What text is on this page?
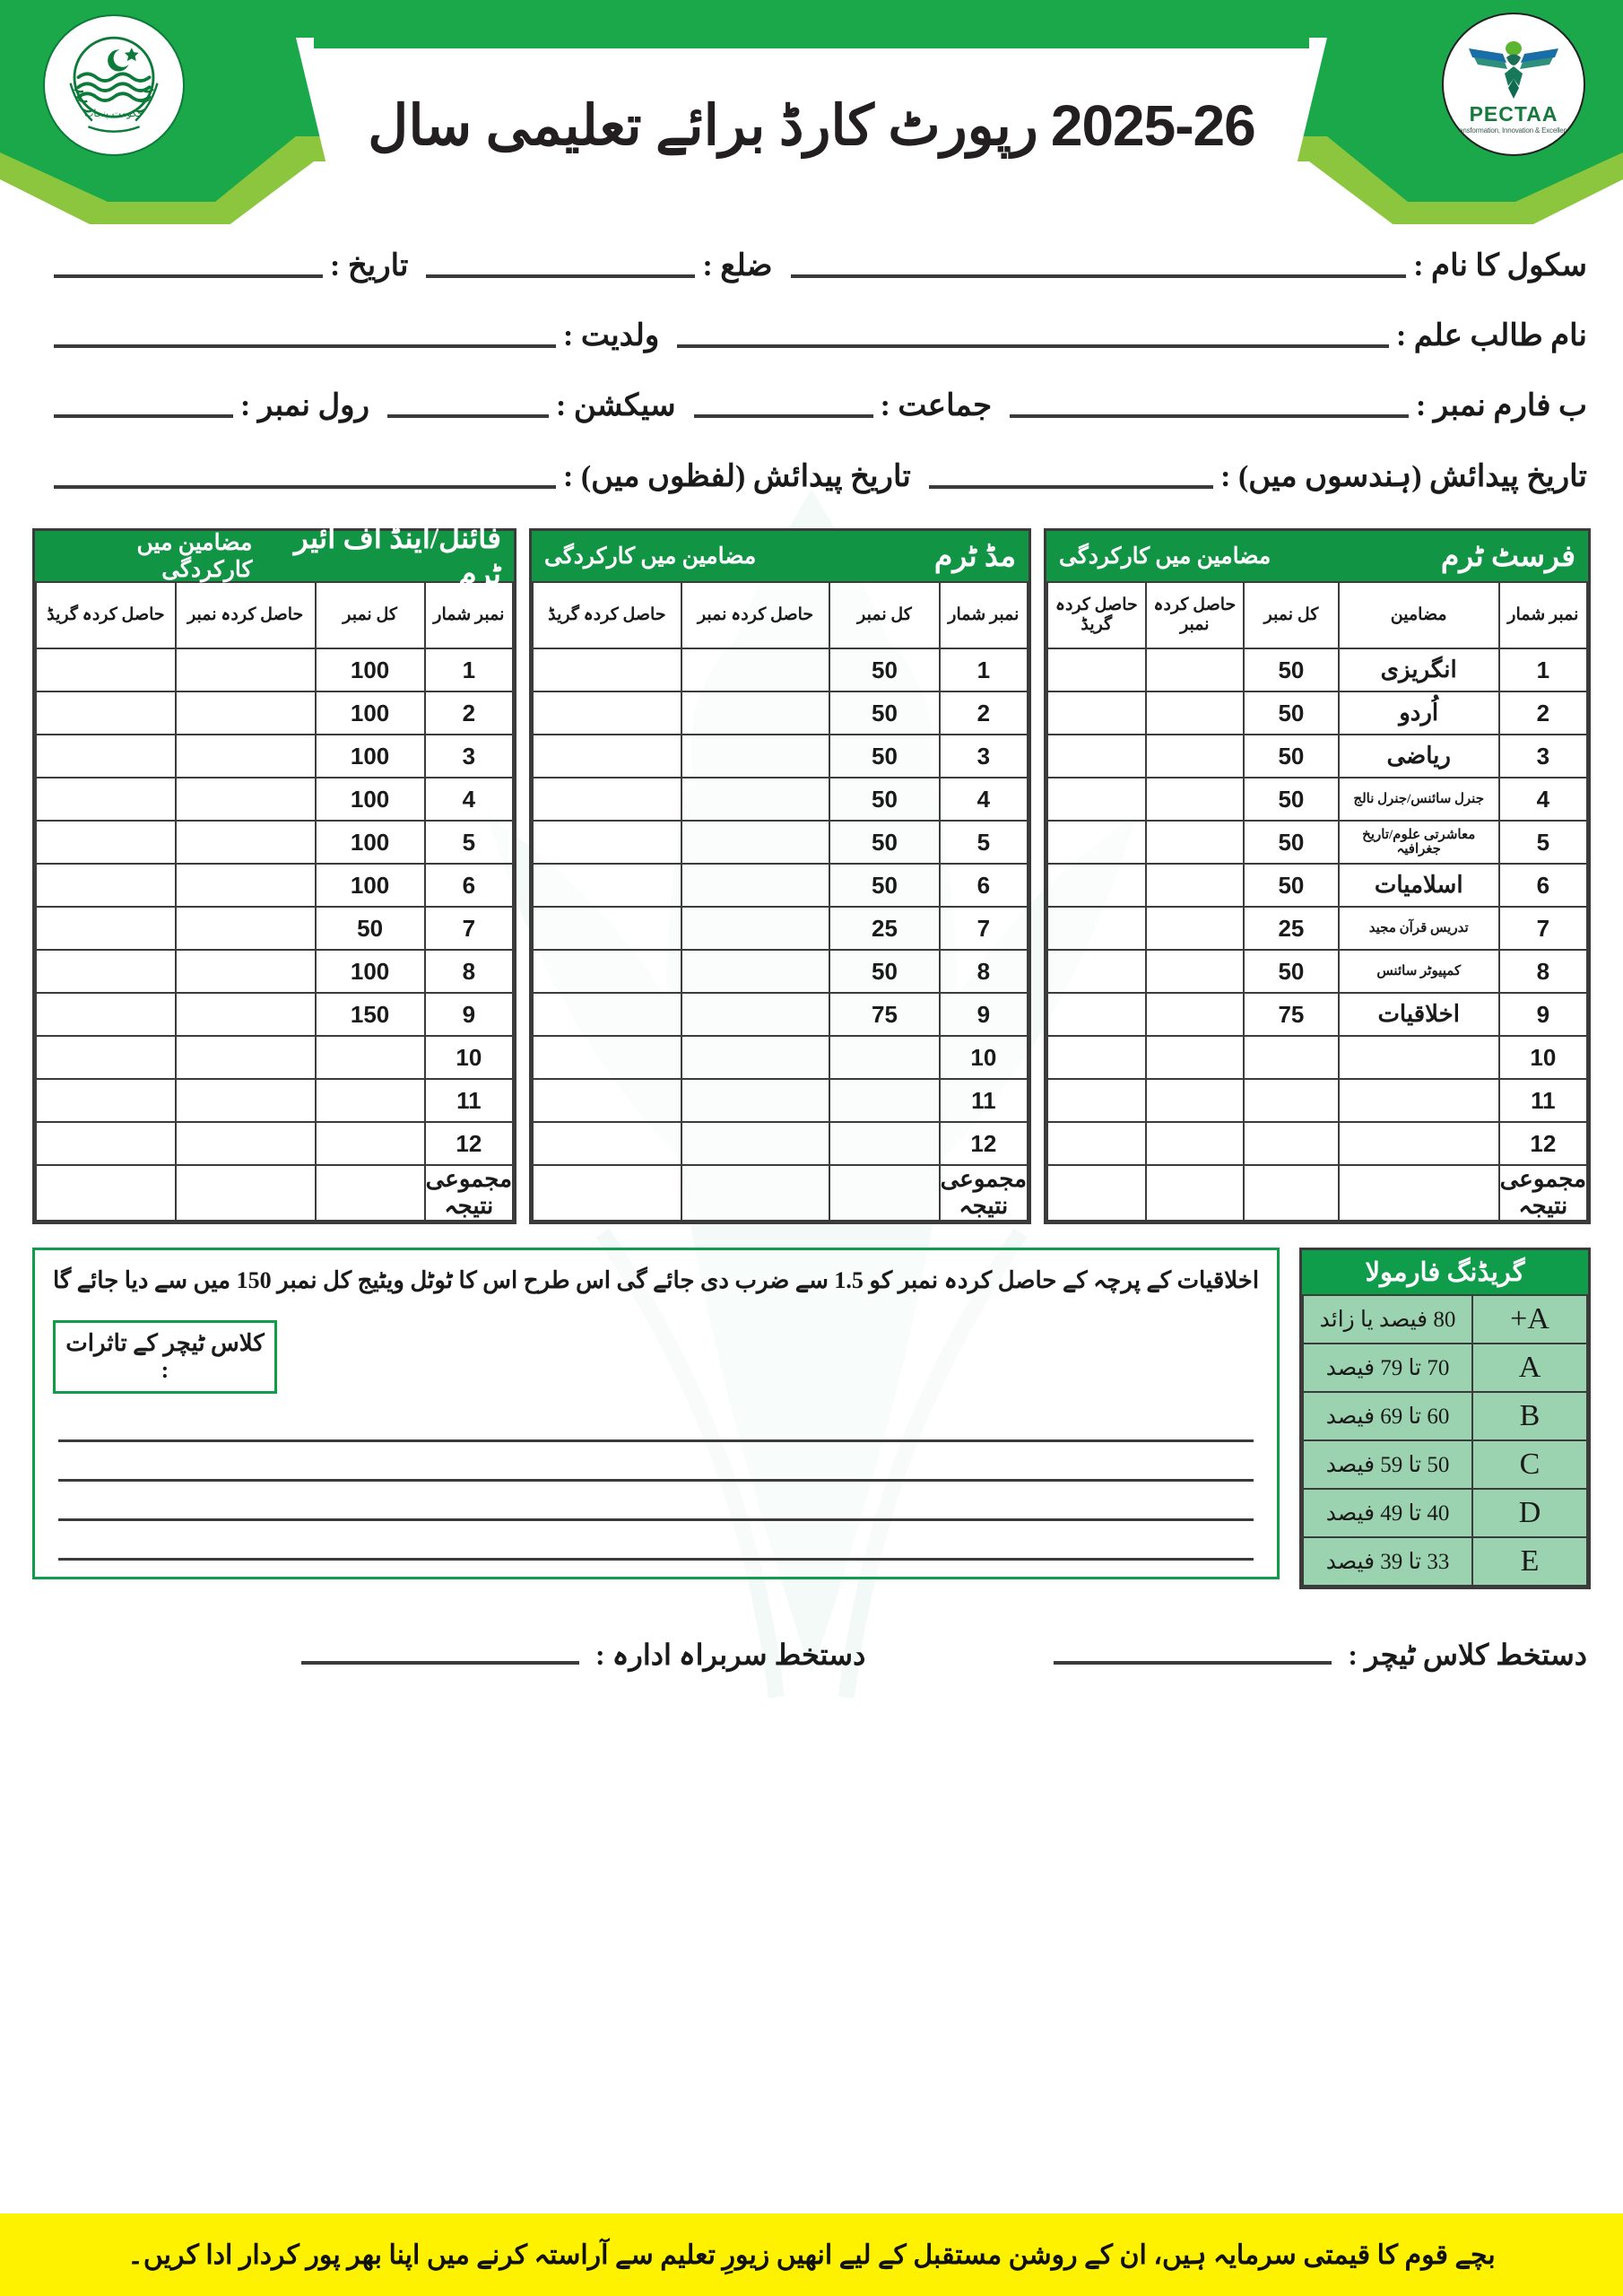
2025-26
رپورٹ کارڈ برائے تعلیمی سال
حکومت پنجاب	PECTAA
Transformation, Innovation & Excellence
سکول کا نام :
ضلع :
تاریخ :
نام طالب علم :
ولدیت :
ب فارم نمبر :
جماعت :
سیکشن :
رول نمبر :
تاریخ پیدائش (ہندسوں میں) :
تاریخ پیدائش (لفظوں میں) :
فرسٹ ٹرم
مضامین میں کارکردگی
نمبر شمار	مضامین	کل نمبر	حاصل کردہ نمبر	حاصل کردہ گریڈ
1	انگریزی	50		
2	اُردو	50		
3	ریاضی	50		
4	جنرل سائنس/جنرل نالج	50		
5	معاشرتی علوم/تاریخ جغرافیہ	50		
6	اسلامیات	50		
7	تدریس قرآن مجید	25		
8	کمپیوٹر سائنس	50		
9	اخلاقیات	75		
10				
11				
12				
مجموعی نتیجہ				
مڈ ٹرم
مضامین میں کارکردگی
نمبر شمار	کل نمبر	حاصل کردہ نمبر	حاصل کردہ گریڈ
1	50		
2	50		
3	50		
4	50		
5	50		
6	50		
7	25		
8	50		
9	75		
10			
11			
12			
مجموعی نتیجہ			
فائنل/اینڈ آف ائیر ٹرم
مضامین میں کارکردگی
نمبر شمار	کل نمبر	حاصل کردہ نمبر	حاصل کردہ گریڈ
1	100		
2	100		
3	100		
4	100		
5	100		
6	100		
7	50		
8	100		
9	150		
10			
11			
12			
مجموعی نتیجہ			
گریڈنگ فارمولا
A+	80 فیصد یا زائد
A	70 تا 79 فیصد
B	60 تا 69 فیصد
C	50 تا 59 فیصد
D	40 تا 49 فیصد
E	33 تا 39 فیصد
اخلاقیات کے پرچہ کے حاصل کردہ نمبر کو 1.5 سے ضرب دی جائے گی اس طرح اس کا ٹوٹل ویٹیج کل نمبر 150 میں سے دیا جائے گا
کلاس ٹیچر کے تاثرات :
دستخط کلاس ٹیچر :
دستخط سربراہ ادارہ :
بچے قوم کا قیمتی سرمایہ ہیں، ان کے روشن مستقبل کے لیے انھیں زیورِ تعلیم سے آراستہ کرنے میں اپنا بھر پور کردار ادا کریں۔
